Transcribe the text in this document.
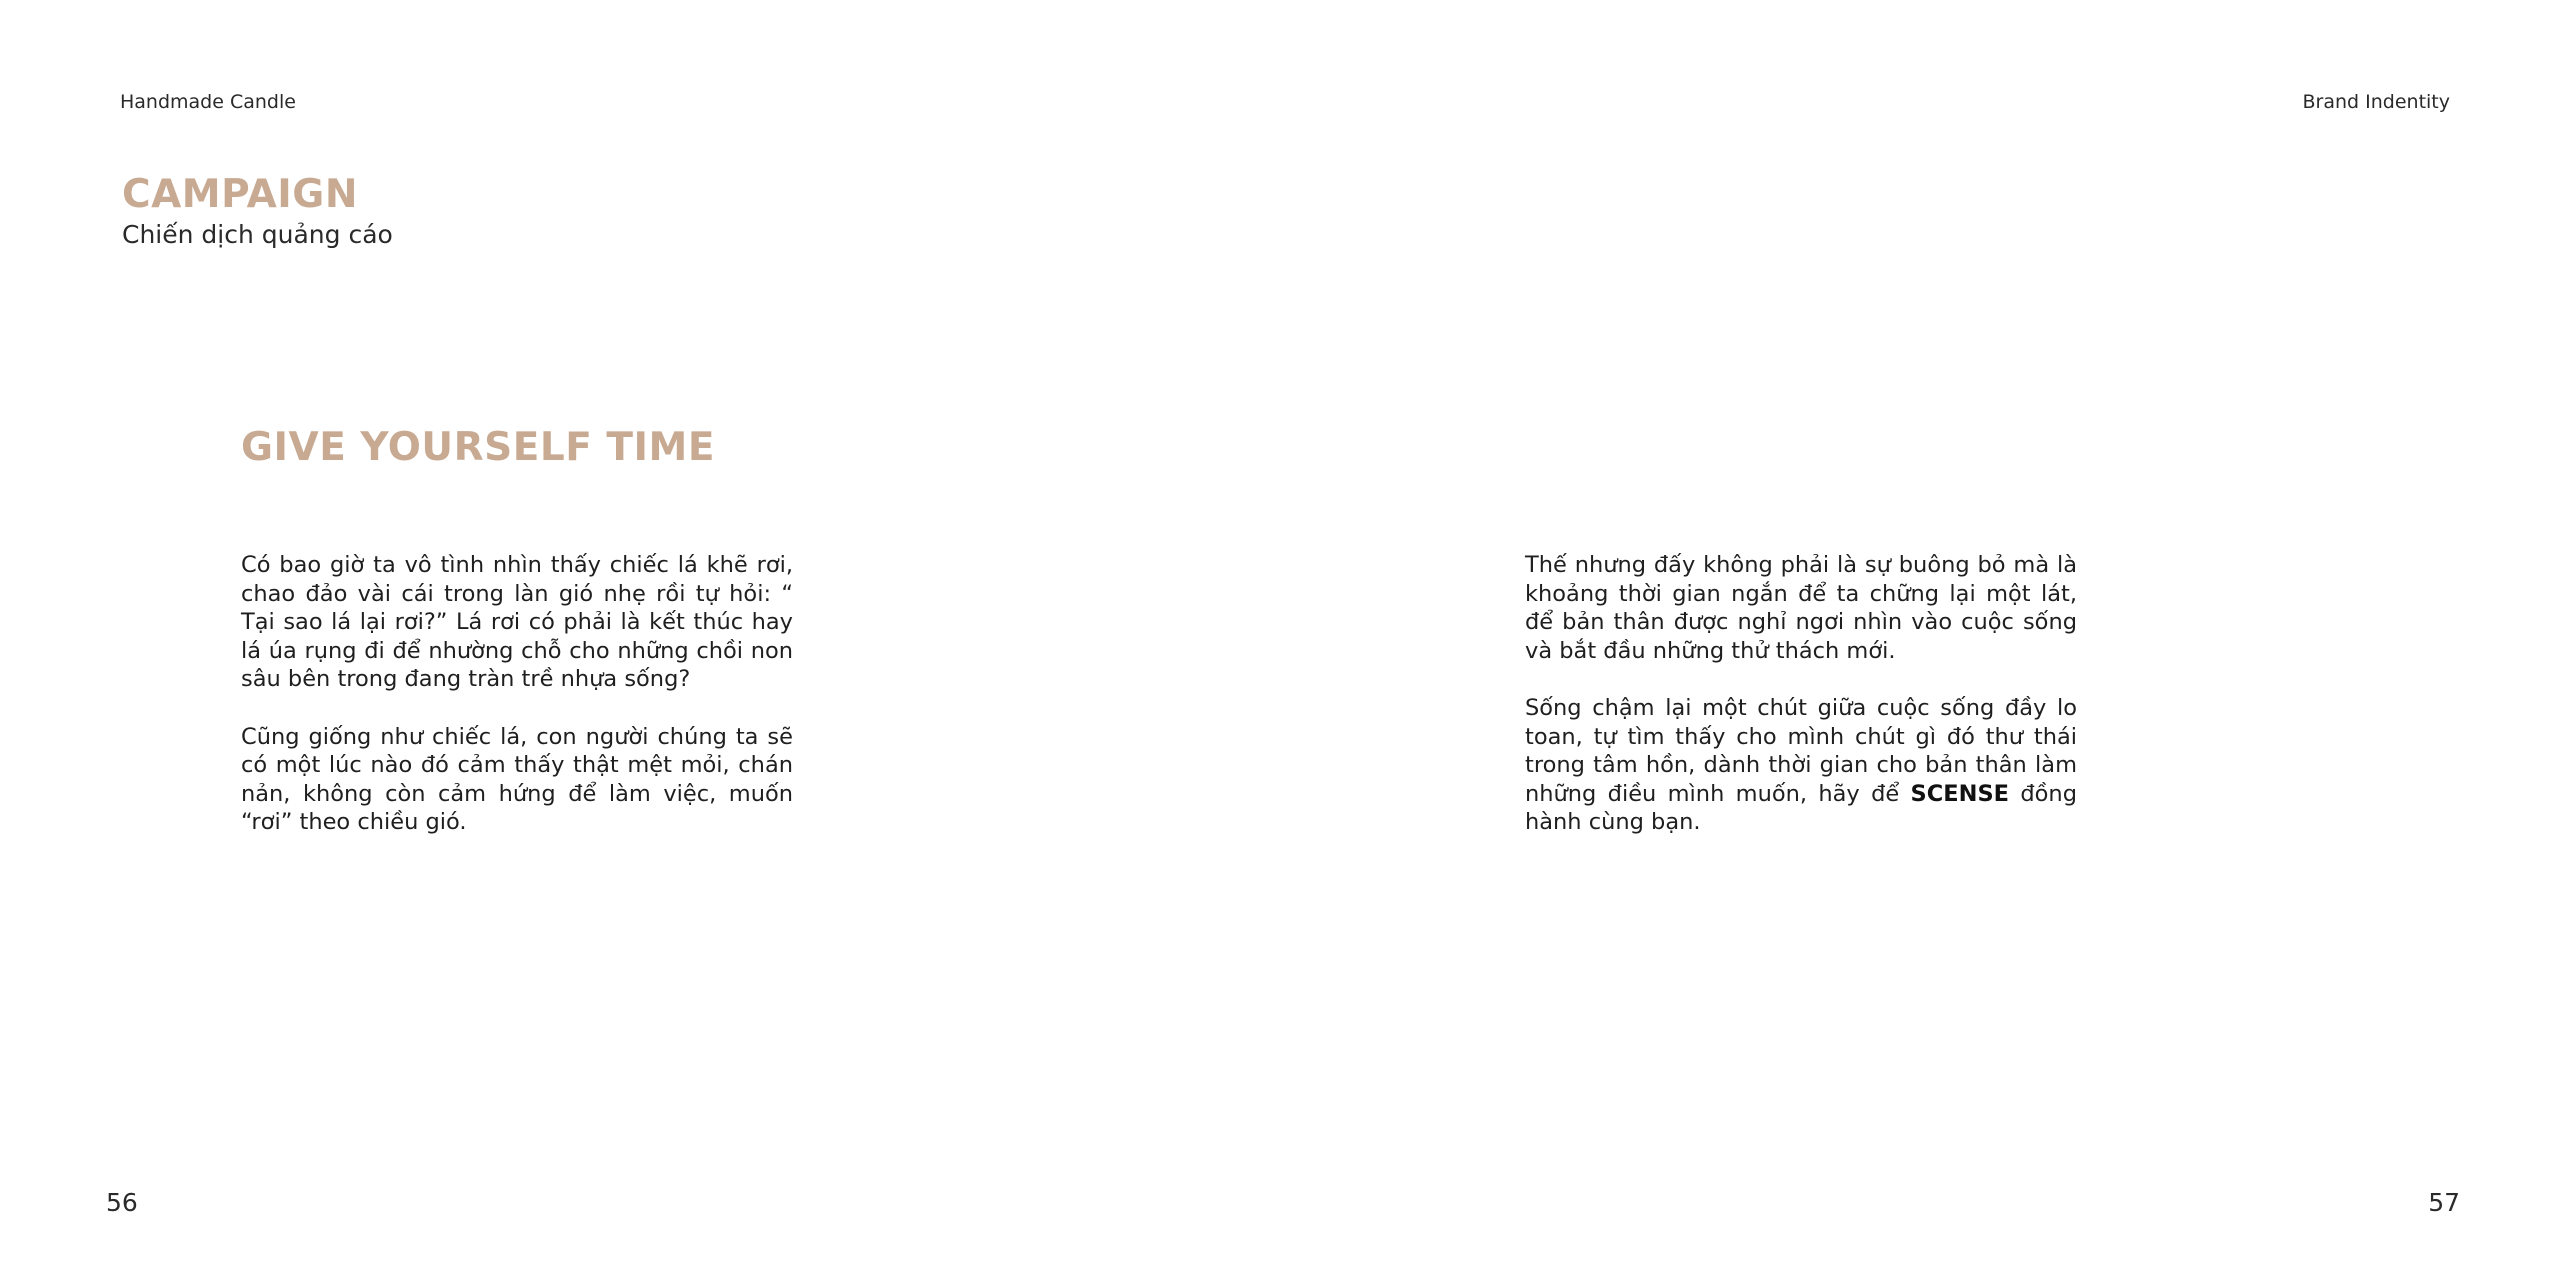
Handmade Candle	Brand Indentity
CAMPAIGN
Chiến dịch quảng cáo
GIVE YOURSELF TIME

Có bao giờ ta vô tình nhìn thấy chiếc lá khẽ rơi, chao đảo vài cái trong làn gió nhẹ rồi tự hỏi: “ Tại sao lá lại rơi?” Lá rơi có phải là kết thúc hay lá úa rụng đi để nhường chỗ cho những chồi non sâu bên trong đang tràn trề nhựa sống?

Cũng giống như chiếc lá, con người chúng ta sẽ có một lúc nào đó cảm thấy thật mệt mỏi, chán nản, không còn cảm hứng để làm việc, muốn “rơi” theo chiều gió.

Thế nhưng đấy không phải là sự buông bỏ mà là khoảng thời gian ngắn để ta chững lại một lát, để bản thân được nghỉ ngơi nhìn vào cuộc sống và bắt đầu những thử thách mới.

Sống chậm lại một chút giữa cuộc sống đầy lo toan, tự tìm thấy cho mình chút gì đó thư thái trong tâm hồn, dành thời gian cho bản thân làm những điều mình muốn, hãy để SCENSE đồng hành cùng bạn.

56	57
